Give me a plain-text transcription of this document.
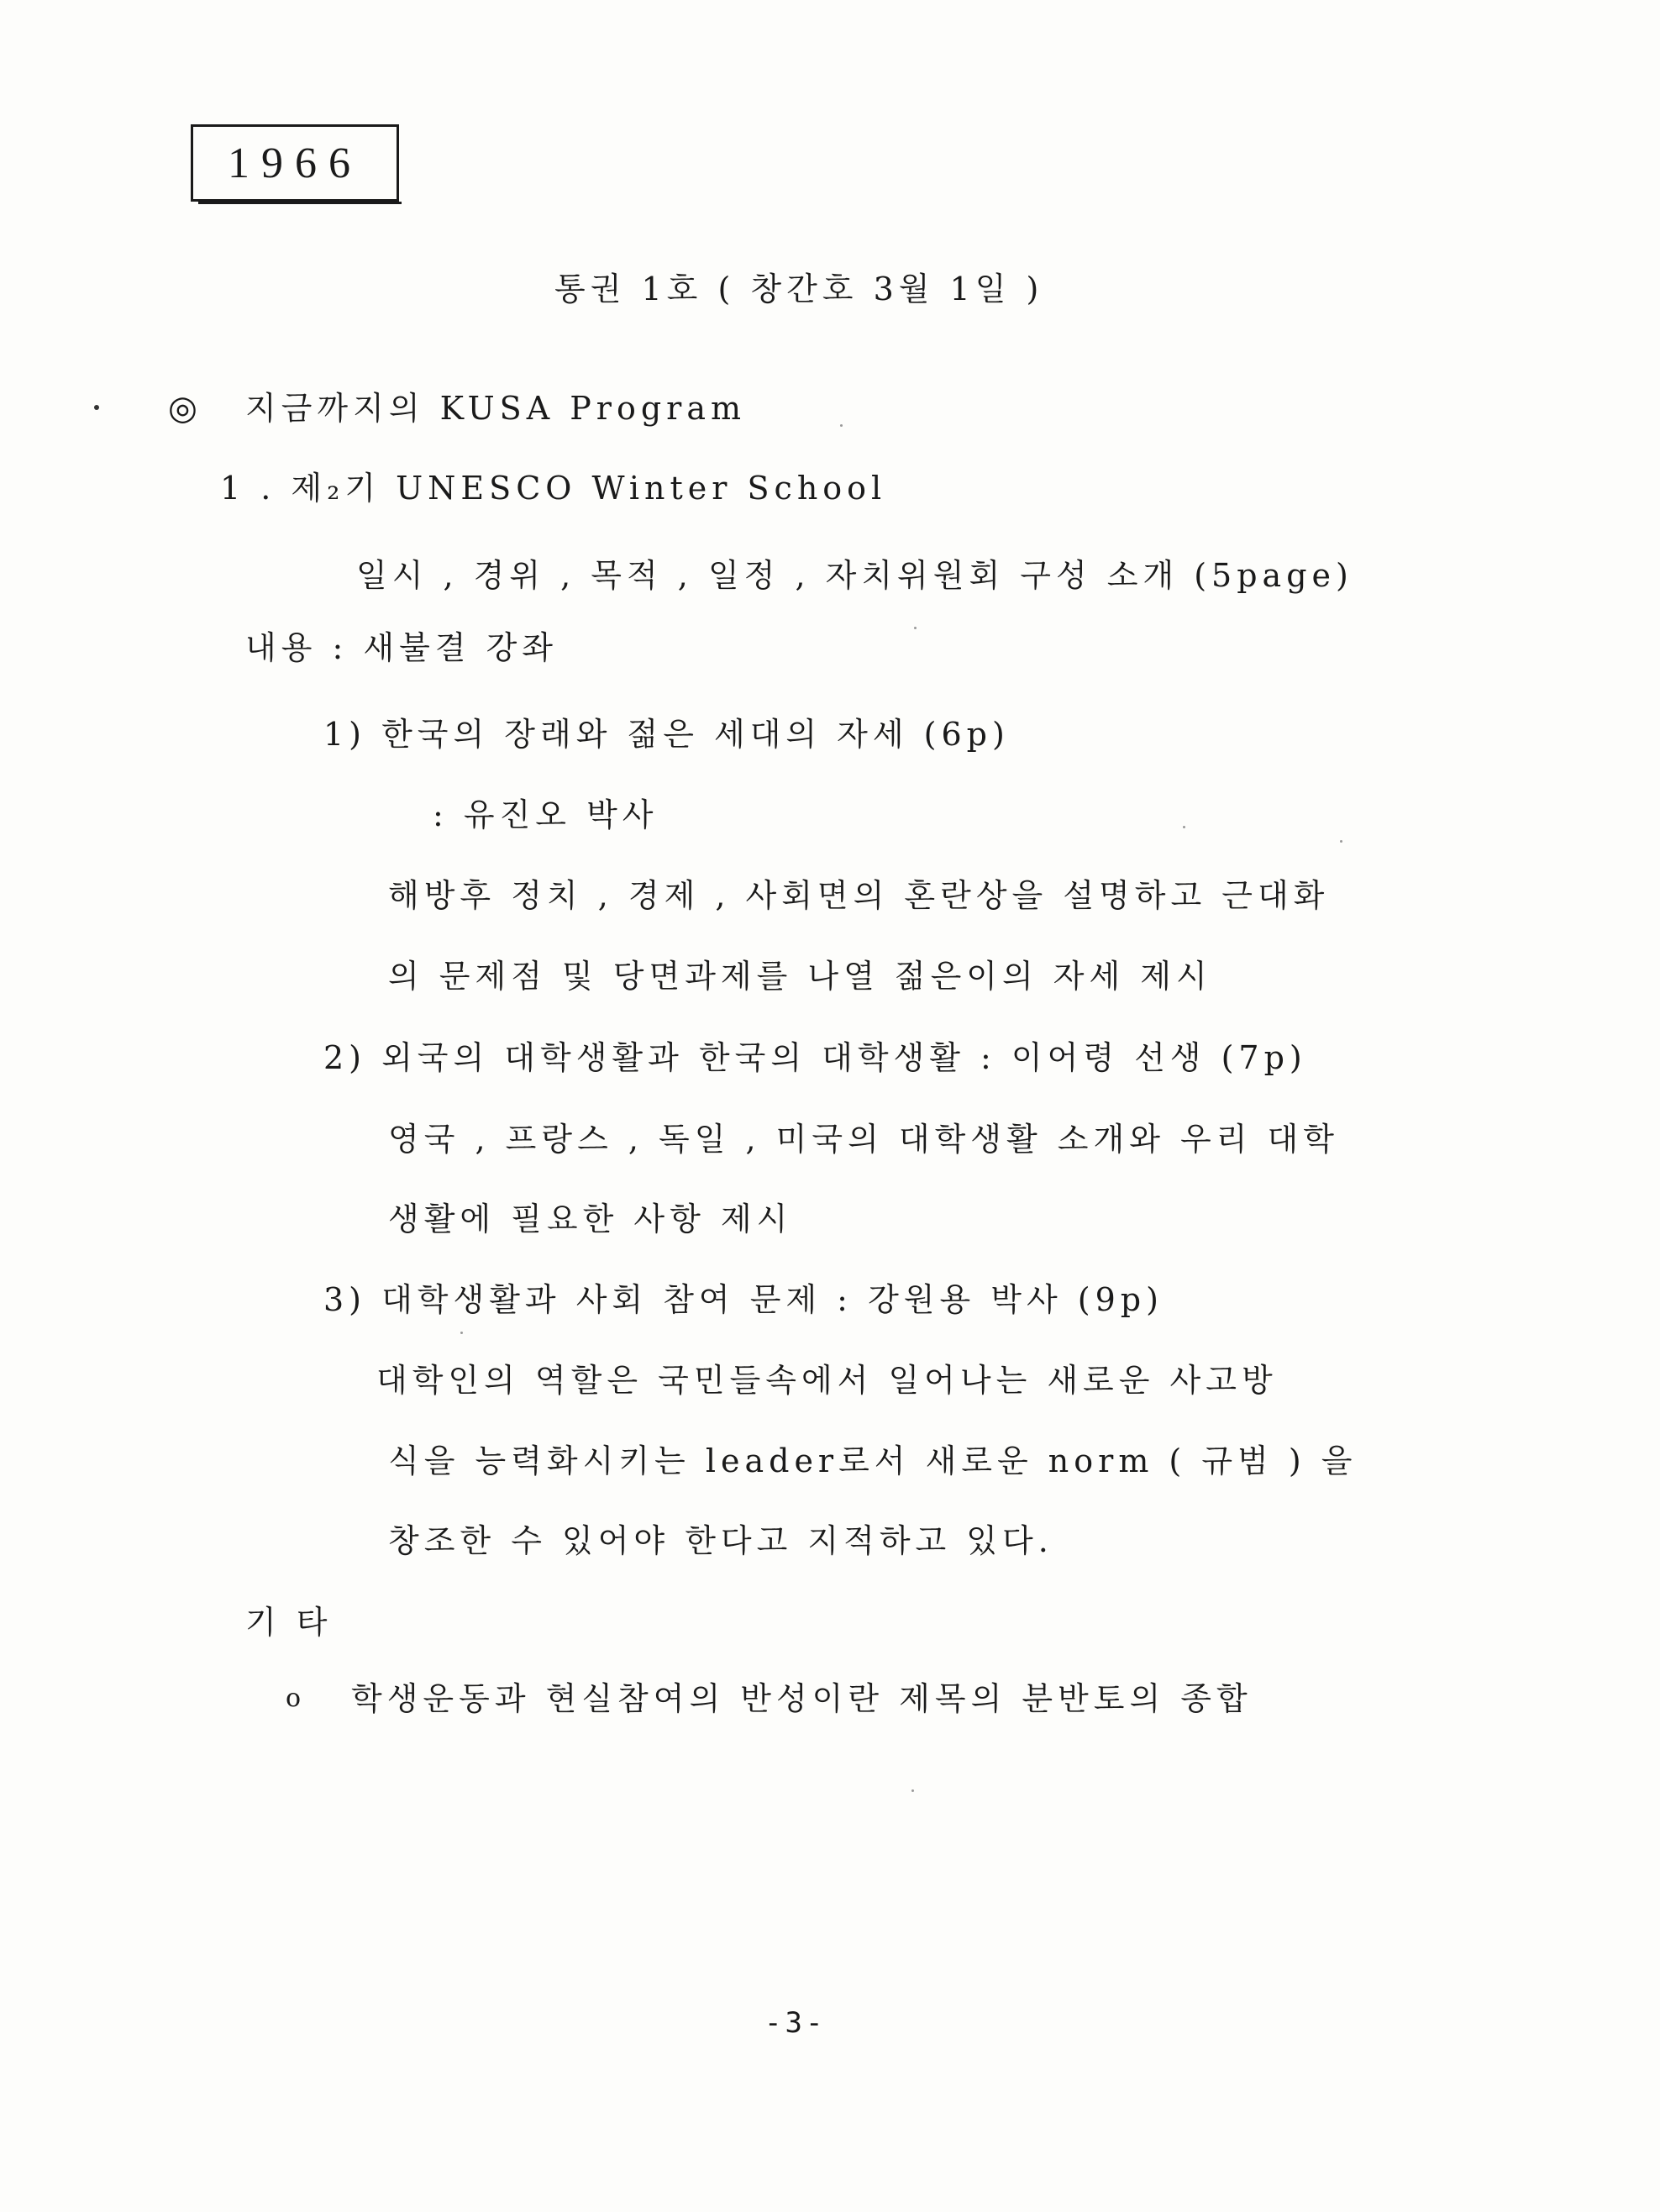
1966
통권 1호 ( 창간호 3월 1일 )
◎ 지금까지의 KUSA Program
1 . 제₂기 UNESCO Winter School
일시 , 경위 , 목적 , 일정 , 자치위원회 구성 소개 (5page)
내용 : 새불결 강좌
1) 한국의 장래와 젊은 세대의 자세 (6p)
: 유진오 박사
해방후 정치 , 경제 , 사회면의 혼란상을 설명하고 근대화
의 문제점 및 당면과제를 나열 젊은이의 자세 제시
2) 외국의 대학생활과 한국의 대학생활 : 이어령 선생 (7p)
영국 , 프랑스 , 독일 , 미국의 대학생활 소개와 우리 대학
생활에 필요한 사항 제시
3) 대학생활과 사회 참여 문제 : 강원용 박사 (9p)
대학인의 역할은 국민들속에서 일어나는 새로운 사고방
식을 능력화시키는 leader로서 새로운 norm ( 규범 ) 을
창조한 수 있어야 한다고 지적하고 있다.
기 타
o 학생운동과 현실참여의 반성이란 제목의 분반토의 종합
-3-
